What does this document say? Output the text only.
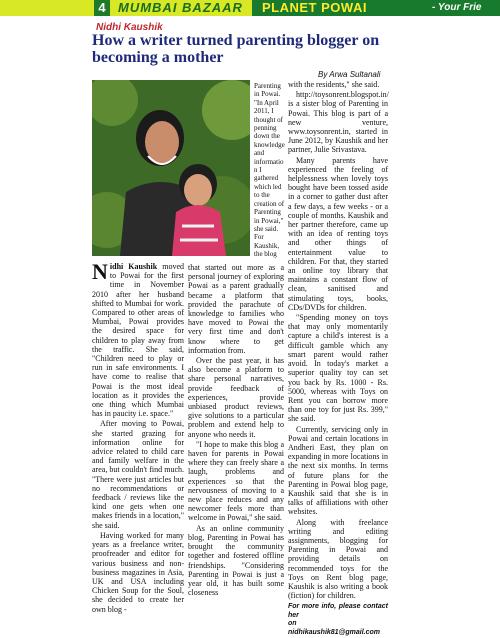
4 MUMBAI BAZAAR PLANET POWAI	- Your Frie
Nidhi Kaushik
How a writer turned parenting blogger on becoming a mother
By Arwa Sultanali
Parenting in Powai. "In April 2011, I thought of penning down the knowledge and information I gathered which led to the creation of Parenting in Powai," she said. For Kaushik, the blog

Nidhi Kaushik moved to Powai for the first time in November 2010 after her husband shifted to Mumbai for work. Compared to other areas of Mumbai, Powai provides the desired space for children to play away from the traffic. She said, "Children need to play or run in safe environments. I have come to realise that Powai is the most ideal location as it provides the one thing which Mumbai has in paucity i.e. space."

After moving to Powai, she started grazing for information online for advice related to child care and family welfare in the area, but couldn't find much. "There were just articles but no recommendations or feedback / reviews like the kind one gets when one makes friends in a location," she said.

Having worked for many years as a freelance writer, proofreader and editor for various business and non-business magazines in Asia, UK and USA including Chicken Soup for the Soul, she decided to create her own blog -

that started out more as a personal journey of exploring Powai as a parent gradually became a platform that provided the parachute of knowledge to families who have moved to Powai the very first time and don't know where to get information from.

Over the past year, it has also become a platform to share personal narratives, provide feedback of experiences, provide unbiased product reviews, give solutions to a particular problem and extend help to anyone who needs it.

"I hope to make this blog a haven for parents in Powai where they can freely share a laugh, problems and experiences so that the nervousness of moving to a new place reduces and any newcomer feels more than welcome in Powai," she said.

As an online community blog, Parenting in Powai has brought the community together and fostered offline friendships. "Considering Parenting in Powai is just a year old, it has built some closeness

with the residents," she said.

http://toysonrent.blogspot.in/ is a sister blog of Parenting in Powai. This blog is part of a new venture, www.toysonrent.in, started in June 2012, by Kaushik and her partner, Julie Srivastava.

Many parents have experienced the feeling of helplessness when lovely toys bought have been tossed aside in a corner to gather dust after a few days, a few weeks - or a couple of months. Kaushik and her partner therefore, came up with an idea of renting toys and other things of entertainment value to children. For that, they started an online toy library that maintains a constant flow of clean, sanitised and stimulating toys, books, CDs/DVDs for children.

"Spending money on toys that may only momentarily capture a child's interest is a difficult gamble which any smart parent would rather avoid. In today's market a superior quality toy can set you back by Rs. 1000 - Rs. 5000, whereas with Toys on Rent you can borrow more than one toy for just Rs. 399," she said.

Currently, servicing only in Powai and certain locations in Andheri East, they plan on expanding in more locations in the next six months. In terms of future plans for the Parenting in Powai blog page, Kaushik said that she is in talks of affiliations with other websites.

Along with freelance writing and editing assignments, blogging for Parenting in Powai and providing details on recommended toys for the Toys on Rent blog page, Kaushik is also writing a book (fiction) for children.

For more info, please contact her
on nidhikaushik81@gmail.com
